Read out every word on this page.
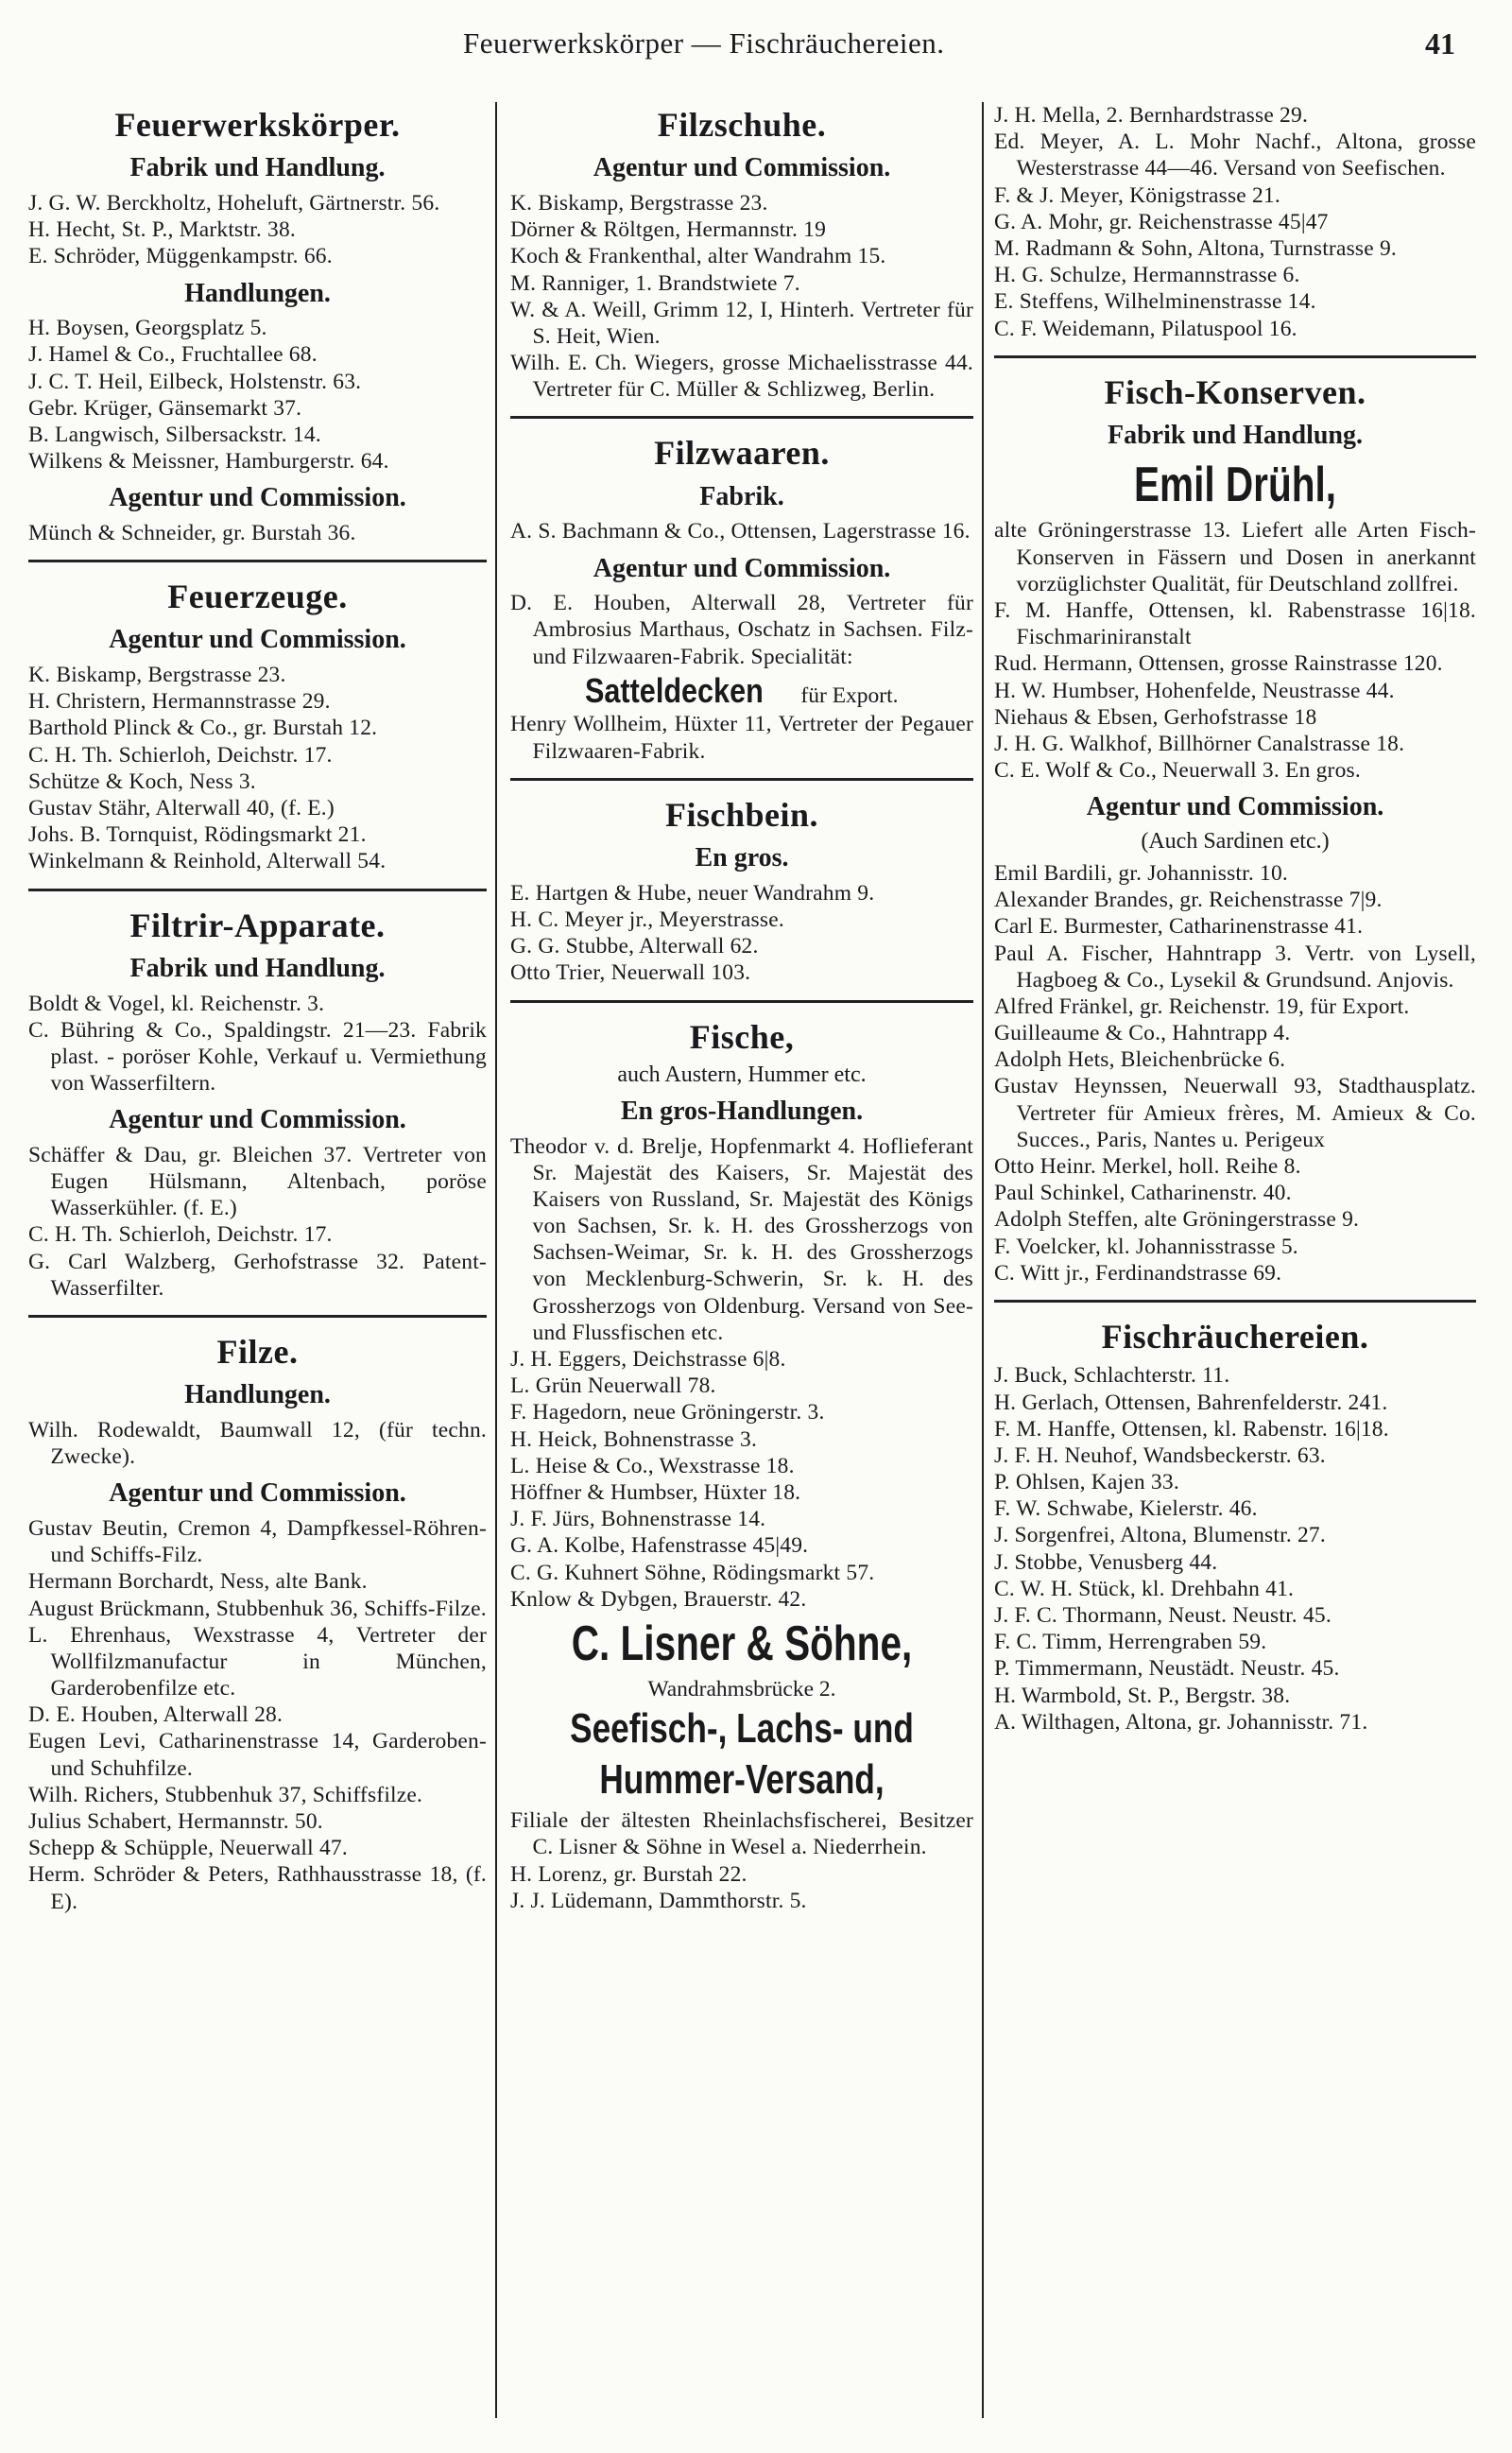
Feuerwerkskörper — Fischräuchereien.	41
Feuerwerkskörper.
Fabrik und Handlung.

J. G. W. Berckholtz, Hoheluft, Gärtnerstr. 56.

H. Hecht, St. P., Marktstr. 38.

E. Schröder, Müggenkampstr. 66.

Handlungen.

H. Boysen, Georgsplatz 5.

J. Hamel & Co., Fruchtallee 68.

J. C. T. Heil, Eilbeck, Holstenstr. 63.

Gebr. Krüger, Gänsemarkt 37.

B. Langwisch, Silbersackstr. 14.

Wilkens & Meissner, Hamburgerstr. 64.

Agentur und Commission.

Münch & Schneider, gr. Burstah 36.

Feuerzeuge.
Agentur und Commission.

K. Biskamp, Bergstrasse 23.

H. Christern, Hermannstrasse 29.

Barthold Plinck & Co., gr. Burstah 12.

C. H. Th. Schierloh, Deichstr. 17.

Schütze & Koch, Ness 3.

Gustav Stähr, Alterwall 40, (f. E.)

Johs. B. Tornquist, Rödingsmarkt 21.

Winkelmann & Reinhold, Alterwall 54.

Filtrir-Apparate.
Fabrik und Handlung.

Boldt & Vogel, kl. Reichenstr. 3.

C. Bühring & Co., Spaldingstr. 21—23. Fabrik plast. - poröser Kohle, Verkauf u. Vermiethung von Wasserfiltern.

Agentur und Commission.

Schäffer & Dau, gr. Bleichen 37. Vertreter von Eugen Hülsmann, Altenbach, poröse Wasserkühler. (f. E.)

C. H. Th. Schierloh, Deichstr. 17.

G. Carl Walzberg, Gerhofstrasse 32. Patent-Wasserfilter.

Filze.
Handlungen.

Wilh. Rodewaldt, Baumwall 12, (für techn. Zwecke).

Agentur und Commission.

Gustav Beutin, Cremon 4, Dampfkessel-Röhren- und Schiffs-Filz.

Hermann Borchardt, Ness, alte Bank.

August Brückmann, Stubbenhuk 36, Schiffs-Filze.

L. Ehrenhaus, Wexstrasse 4, Vertreter der Wollfilzmanufactur in München, Garderobenfilze etc.

D. E. Houben, Alterwall 28.

Eugen Levi, Catharinenstrasse 14, Garderoben- und Schuhfilze.

Wilh. Richers, Stubbenhuk 37, Schiffsfilze.

Julius Schabert, Hermannstr. 50.

Schepp & Schüpple, Neuerwall 47.

Herm. Schröder & Peters, Rathhausstrasse 18, (f. E).

Filzschuhe.
Agentur und Commission.

K. Biskamp, Bergstrasse 23.

Dörner & Röltgen, Hermannstr. 19

Koch & Frankenthal, alter Wandrahm 15.

M. Ranniger, 1. Brandstwiete 7.

W. & A. Weill, Grimm 12, I, Hinterh. Vertreter für S. Heit, Wien.

Wilh. E. Ch. Wiegers, grosse Michaelisstrasse 44. Vertreter für C. Müller & Schlizweg, Berlin.

Filzwaaren.
Fabrik.

A. S. Bachmann & Co., Ottensen, Lagerstrasse 16.

Agentur und Commission.

D. E. Houben, Alterwall 28, Vertreter für Ambrosius Marthaus, Oschatz in Sachsen. Filz- und Filzwaaren-Fabrik. Specialität:

Satteldecken für Export.

Henry Wollheim, Hüxter 11, Vertreter der Pegauer Filzwaaren-Fabrik.

Fischbein.
En gros.

E. Hartgen & Hube, neuer Wandrahm 9.

H. C. Meyer jr., Meyerstrasse.

G. G. Stubbe, Alterwall 62.

Otto Trier, Neuerwall 103.

Fische,
auch Austern, Hummer etc.
En gros-Handlungen.

Theodor v. d. Brelje, Hopfenmarkt 4. Hoflieferant Sr. Majestät des Kaisers, Sr. Majestät des Kaisers von Russland, Sr. Majestät des Königs von Sachsen, Sr. k. H. des Grossherzogs von Sachsen-Weimar, Sr. k. H. des Grossherzogs von Mecklenburg-Schwerin, Sr. k. H. des Grossherzogs von Oldenburg. Versand von See- und Flussfischen etc.

J. H. Eggers, Deichstrasse 6|8.

L. Grün Neuerwall 78.

F. Hagedorn, neue Gröningerstr. 3.

H. Heick, Bohnenstrasse 3.

L. Heise & Co., Wexstrasse 18.

Höffner & Humbser, Hüxter 18.

J. F. Jürs, Bohnenstrasse 14.

G. A. Kolbe, Hafenstrasse 45|49.

C. G. Kuhnert Söhne, Rödingsmarkt 57.

Knlow & Dybgen, Brauerstr. 42.

C. Lisner & Söhne,
Wandrahmsbrücke 2.
Seefisch-, Lachs- und
Hummer-Versand,

Filiale der ältesten Rheinlachsfischerei, Besitzer C. Lisner & Söhne in Wesel a. Niederrhein.

H. Lorenz, gr. Burstah 22.

J. J. Lüdemann, Dammthorstr. 5.

J. H. Mella, 2. Bernhardstrasse 29.

Ed. Meyer, A. L. Mohr Nachf., Altona, grosse Westerstrasse 44—46. Versand von Seefischen.

F. & J. Meyer, Königstrasse 21.

G. A. Mohr, gr. Reichenstrasse 45|47

M. Radmann & Sohn, Altona, Turnstrasse 9.

H. G. Schulze, Hermannstrasse 6.

E. Steffens, Wilhelminenstrasse 14.

C. F. Weidemann, Pilatuspool 16.

Fisch-Konserven.
Fabrik und Handlung.
Emil Drühl,

alte Gröningerstrasse 13. Liefert alle Arten Fisch-Konserven in Fässern und Dosen in anerkannt vorzüglichster Qualität, für Deutschland zollfrei.

F. M. Hanffe, Ottensen, kl. Rabenstrasse 16|18. Fischmariniranstalt

Rud. Hermann, Ottensen, grosse Rainstrasse 120.

H. W. Humbser, Hohenfelde, Neustrasse 44.

Niehaus & Ebsen, Gerhofstrasse 18

J. H. G. Walkhof, Billhörner Canalstrasse 18.

C. E. Wolf & Co., Neuerwall 3. En gros.

Agentur und Commission.
(Auch Sardinen etc.)

Emil Bardili, gr. Johannisstr. 10.

Alexander Brandes, gr. Reichenstrasse 7|9.

Carl E. Burmester, Catharinenstrasse 41.

Paul A. Fischer, Hahntrapp 3. Vertr. von Lysell, Hagboeg & Co., Lysekil & Grundsund. Anjovis.

Alfred Fränkel, gr. Reichenstr. 19, für Export.

Guilleaume & Co., Hahntrapp 4.

Adolph Hets, Bleichenbrücke 6.

Gustav Heynssen, Neuerwall 93, Stadthausplatz. Vertreter für Amieux frères, M. Amieux & Co. Succes., Paris, Nantes u. Perigeux

Otto Heinr. Merkel, holl. Reihe 8.

Paul Schinkel, Catharinenstr. 40.

Adolph Steffen, alte Gröningerstrasse 9.

F. Voelcker, kl. Johannisstrasse 5.

C. Witt jr., Ferdinandstrasse 69.

Fischräuchereien.

J. Buck, Schlachterstr. 11.

H. Gerlach, Ottensen, Bahrenfelderstr. 241.

F. M. Hanffe, Ottensen, kl. Rabenstr. 16|18.

J. F. H. Neuhof, Wandsbeckerstr. 63.

P. Ohlsen, Kajen 33.

F. W. Schwabe, Kielerstr. 46.

J. Sorgenfrei, Altona, Blumenstr. 27.

J. Stobbe, Venusberg 44.

C. W. H. Stück, kl. Drehbahn 41.

J. F. C. Thormann, Neust. Neustr. 45.

F. C. Timm, Herrengraben 59.

P. Timmermann, Neustädt. Neustr. 45.

H. Warmbold, St. P., Bergstr. 38.

A. Wilthagen, Altona, gr. Johannisstr. 71.
